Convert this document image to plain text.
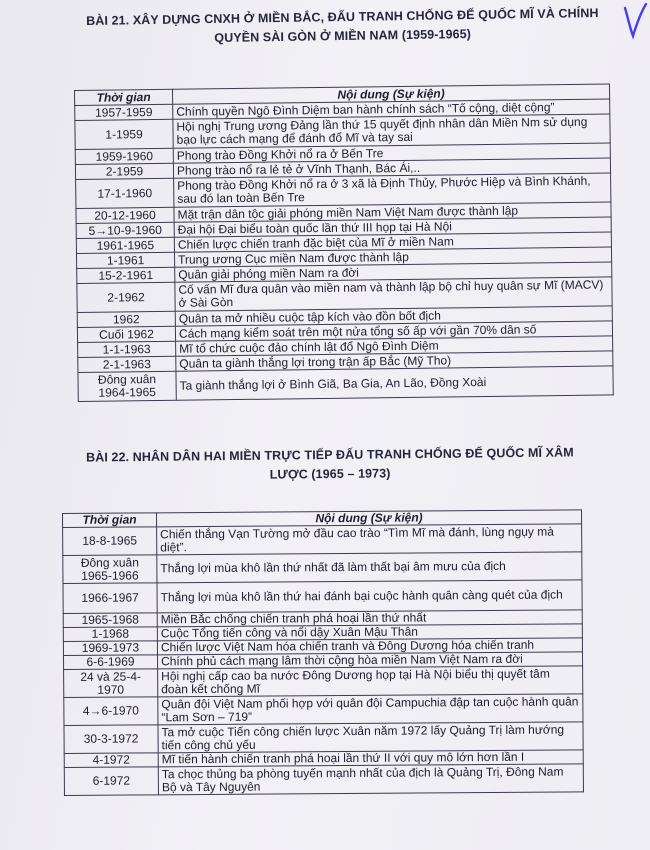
BÀI 21. XÂY DỰNG CNXH Ở MIỀN BẮC, ĐẤU TRANH CHỐNG ĐẾ QUỐC MĨ VÀ CHÍNH
QUYỀN SÀI GÒN Ở MIỀN NAM (1959-1965)
Thời gian	Nội dung (Sự kiện)
1957-1959	Chính quyền Ngô Đình Diệm ban hành chính sách “Tố cộng, diệt cộng”
1-1959	Hội nghị Trung ương Đảng lần thứ 15 quyết định nhân dân Miền Nm sử dụng bạo lực cách mạng để đánh đổ Mĩ và tay sai
1959-1960	Phong trào Đồng Khởi nổ ra ở Bến Tre
2-1959	Phong trào nổ ra lẻ tẻ ở Vĩnh Thạnh, Bác Ái,..
17-1-1960	Phong trào Đồng Khởi nổ ra ở 3 xã là Định Thủy, Phước Hiệp và Bình Khánh, sau đó lan toàn Bến Tre
20-12-1960	Mặt trận dân tộc giải phóng miền Nam Việt Nam được thành lập
5→10-9-1960	Đại hội Đại biểu toàn quốc lần thứ III họp tại Hà Nội
1961-1965	Chiến lược chiến tranh đặc biệt của Mĩ ở miền Nam
1-1961	Trung ương Cục miền Nam được thành lập
15-2-1961	Quân giải phóng miền Nam ra đời
2-1962	Cố vấn Mĩ đưa quân vào miền nam và thành lập bộ chỉ huy quân sự Mĩ (MACV) ở Sài Gòn
1962	Quân ta mở nhiều cuộc tập kích vào đồn bốt địch
Cuối 1962	Cách mạng kiểm soát trên một nửa tổng số ấp với gần 70% dân số
1-1-1963	Mĩ tổ chức cuộc đảo chính lật đổ Ngô Đình Diệm
2-1-1963	Quân ta giành thắng lợi trong trận ấp Bắc (Mỹ Tho)
Đông xuân 1964-1965	Ta giành thắng lợi ở Bình Giã, Ba Gia, An Lão, Đồng Xoài
BÀI 22. NHÂN DÂN HAI MIỀN TRỰC TIẾP ĐẤU TRANH CHỐNG ĐẾ QUỐC MĨ XÂM
LƯỢC (1965 – 1973)
Thời gian	Nội dung (Sự kiện)
18-8-1965	Chiến thắng Vạn Tường mở đầu cao trào “Tìm Mĩ mà đánh, lùng ngụy mà diệt”.
Đông xuân 1965-1966	Thắng lợi mùa khô lần thứ nhất đã làm thất bại âm mưu của địch
1966-1967	Thắng lợi mùa khô lần thứ hai đánh bại cuộc hành quân càng quét của địch
1965-1968	Miền Bắc chống chiến tranh phá hoại lần thứ nhất
1-1968	Cuộc Tổng tiến công và nổi dậy Xuân Mậu Thân
1969-1973	Chiến lược Việt Nam hóa chiến tranh và Đông Dương hóa chiến tranh
6-6-1969	Chính phủ cách mạng lâm thời cộng hòa miền Nam Việt Nam ra đời
24 và 25-4-1970	Hội nghị cấp cao ba nước Đông Dương họp tại Hà Nội biểu thị quyết tâm đoàn kết chống Mĩ
4→6-1970	Quân đội Việt Nam phối hợp với quân đội Campuchia đập tan cuộc hành quân “Lam Sơn – 719”
30-3-1972	Ta mở cuộc Tiến công chiến lược Xuân năm 1972 lấy Quảng Trị làm hướng tiến công chủ yếu
4-1972	Mĩ tiến hành chiến tranh phá hoại lần thứ II với quy mô lớn hơn lần I
6-1972	Ta chọc thủng ba phòng tuyến mạnh nhất của địch là Quảng Trị, Đông Nam Bộ và Tây Nguyên
